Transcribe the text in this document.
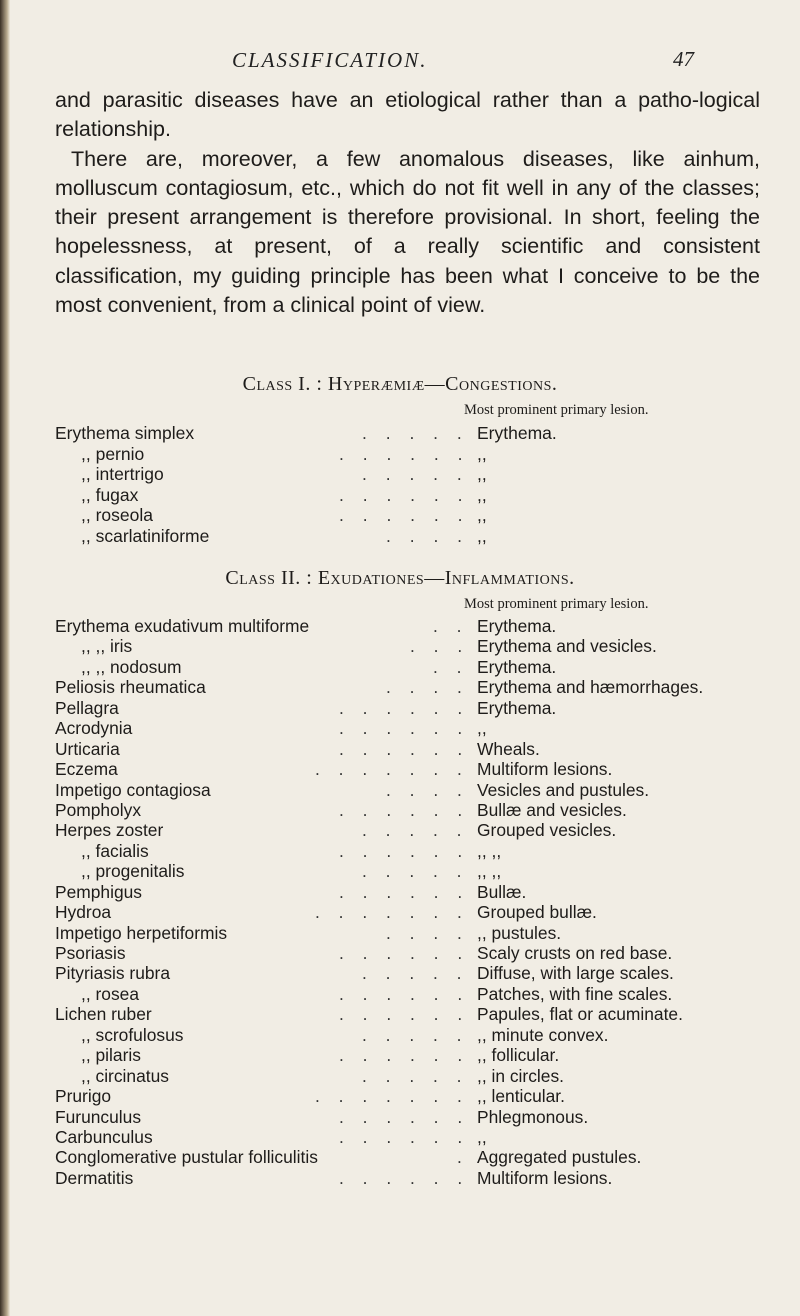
CLASSIFICATION.	47

and parasitic diseases have an etiological rather than a patho-logical relationship.

There are, moreover, a few anomalous diseases, like ainhum, molluscum contagiosum, etc., which do not fit well in any of the classes; their present arrangement is therefore provisional. In short, feeling the hopelessness, at present, of a really scientific and consistent classification, my guiding principle has been what I conceive to be the most convenient, from a clinical point of view.

Class I. : Hyperæmiæ—Congestions.
Most prominent primary lesion.
Erythema simplex	. . . . . Erythema.
,, pernio	. . . . . . ,,
,, intertrigo	. . . . . ,,
,, fugax	. . . . . . ,,
,, roseola	. . . . . . ,,
,, scarlatiniforme	. . . . ,,
Class II. : Exudationes—Inflammations.
Most prominent primary lesion.
Erythema exudativum multiforme	. . Erythema.
,, ,, iris	. . . Erythema and vesicles.
,, ,, nodosum	. . Erythema.
Peliosis rheumatica	. . . . Erythema and hæmorrhages.
Pellagra	. . . . . . Erythema.
Acrodynia	. . . . . . ,,
Urticaria	. . . . . . Wheals.
Eczema	. . . . . . . Multiform lesions.
Impetigo contagiosa	. . . . Vesicles and pustules.
Pompholyx	. . . . . . Bullæ and vesicles.
Herpes zoster	. . . . . Grouped vesicles.
,, facialis	. . . . . . ,, ,,
,, progenitalis	. . . . . ,, ,,
Pemphigus	. . . . . . Bullæ.
Hydroa	. . . . . . . Grouped bullæ.
Impetigo herpetiformis	. . . . ,, pustules.
Psoriasis	. . . . . . Scaly crusts on red base.
Pityriasis rubra	. . . . . Diffuse, with large scales.
,, rosea	. . . . . . Patches, with fine scales.
Lichen ruber	. . . . . . Papules, flat or acuminate.
,, scrofulosus	. . . . . ,, minute convex.
,, pilaris	. . . . . . ,, follicular.
,, circinatus	. . . . . ,, in circles.
Prurigo	. . . . . . . ,, lenticular.
Furunculus	. . . . . . Phlegmonous.
Carbunculus	. . . . . . ,,
Conglomerative pustular folliculitis	. Aggregated pustules.
Dermatitis	. . . . . . Multiform lesions.
